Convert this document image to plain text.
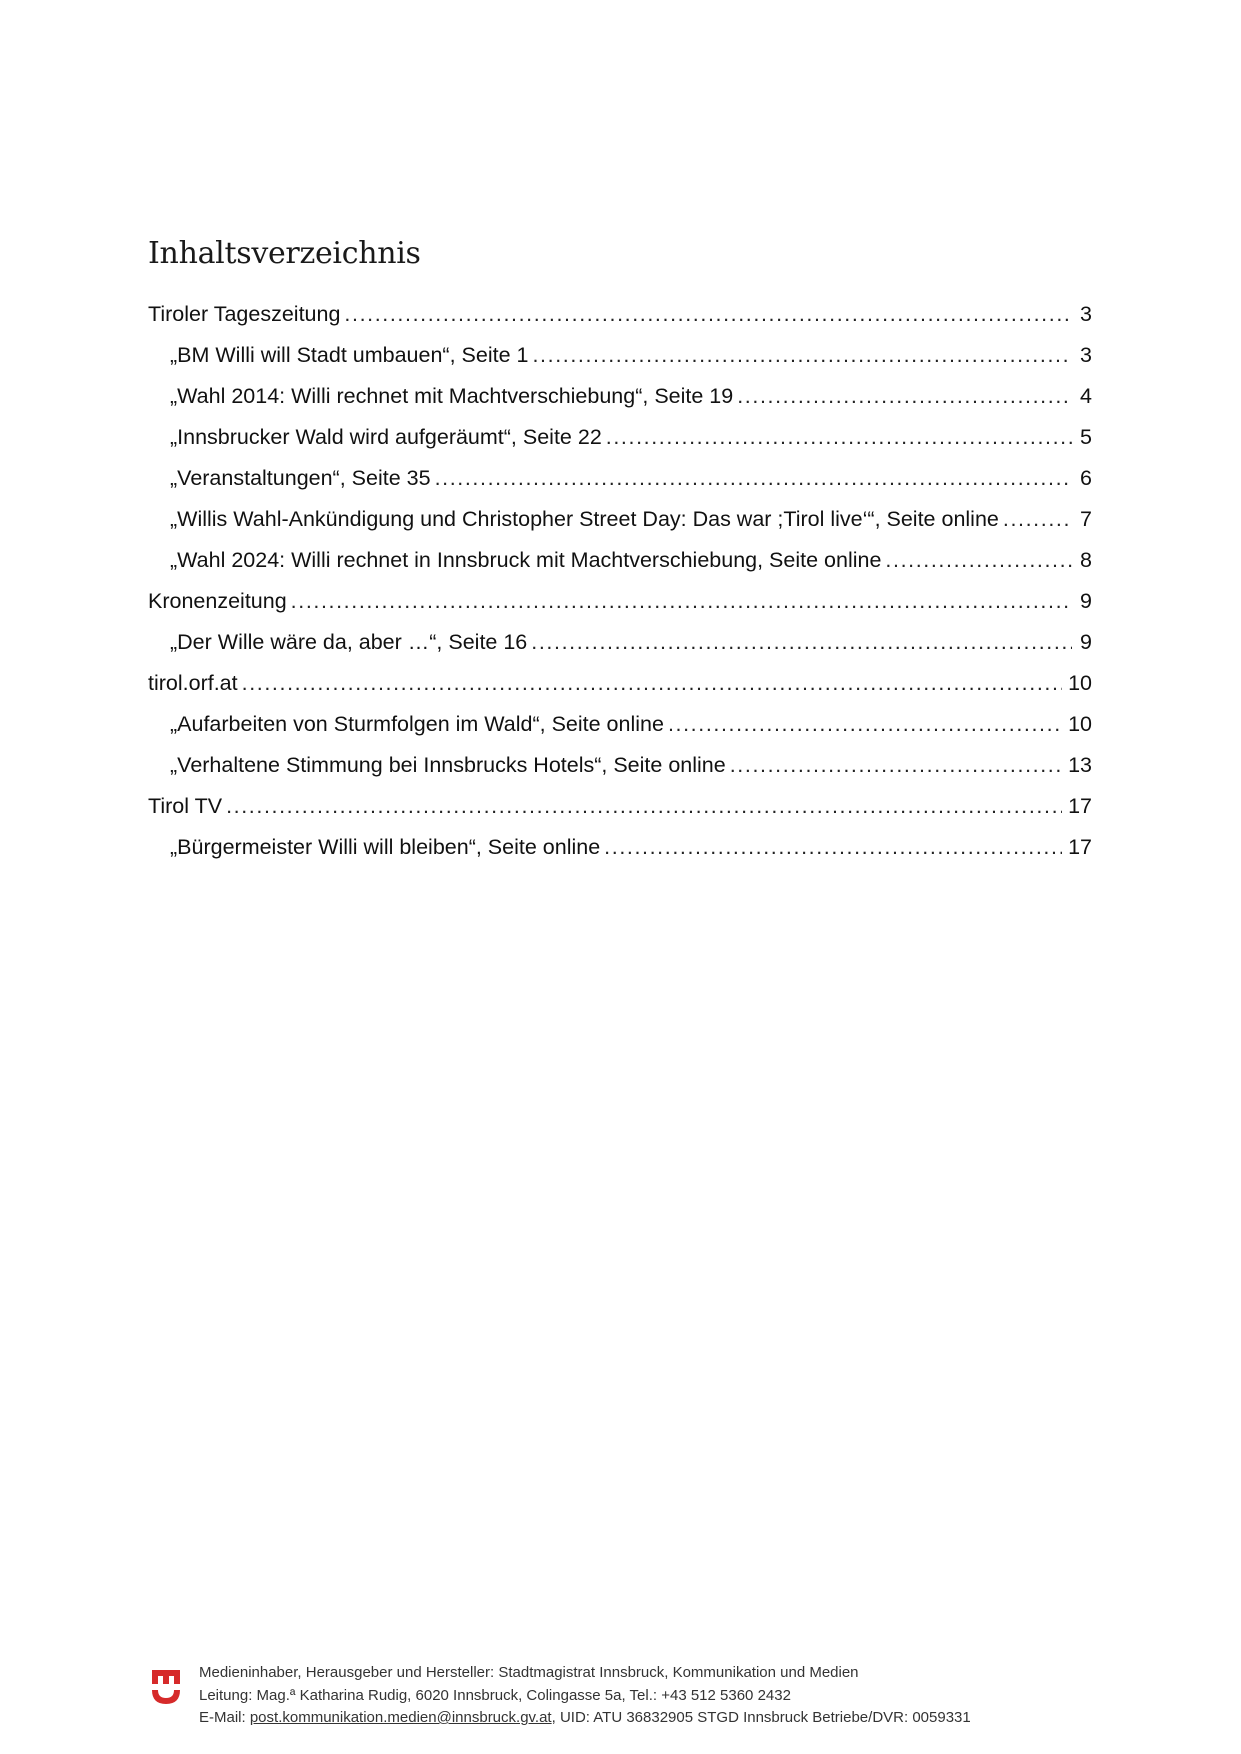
Inhaltsverzeichnis
Tiroler Tageszeitung .....	3
„BM Willi will Stadt umbauen“, Seite 1 .....	3
„Wahl 2014: Willi rechnet mit Machtverschiebung“, Seite 19 .....	4
„Innsbrucker Wald wird aufgeräumt“, Seite 22 .....	5
„Veranstaltungen“, Seite 35 .....	6
„Willis Wahl-Ankündigung und Christopher Street Day: Das war ;Tirol live‘“, Seite online .....	7
„Wahl 2024: Willi rechnet in Innsbruck mit Machtverschiebung, Seite online .....	8
Kronenzeitung .....	9
„Der Wille wäre da, aber …“, Seite 16 .....	9
tirol.orf.at .....	10
„Aufarbeiten von Sturmfolgen im Wald“, Seite online .....	10
„Verhaltene Stimmung bei Innsbrucks Hotels“, Seite online .....	13
Tirol TV .....	17
„Bürgermeister Willi will bleiben“, Seite online .....	17
Medieninhaber, Herausgeber und Hersteller: Stadtmagistrat Innsbruck, Kommunikation und Medien
Leitung: Mag.ª Katharina Rudig, 6020 Innsbruck, Colingasse 5a, Tel.: +43 512 5360 2432
E-Mail: post.kommunikation.medien@innsbruck.gv.at, UID: ATU 36832905 STGD Innsbruck Betriebe/DVR: 0059331
